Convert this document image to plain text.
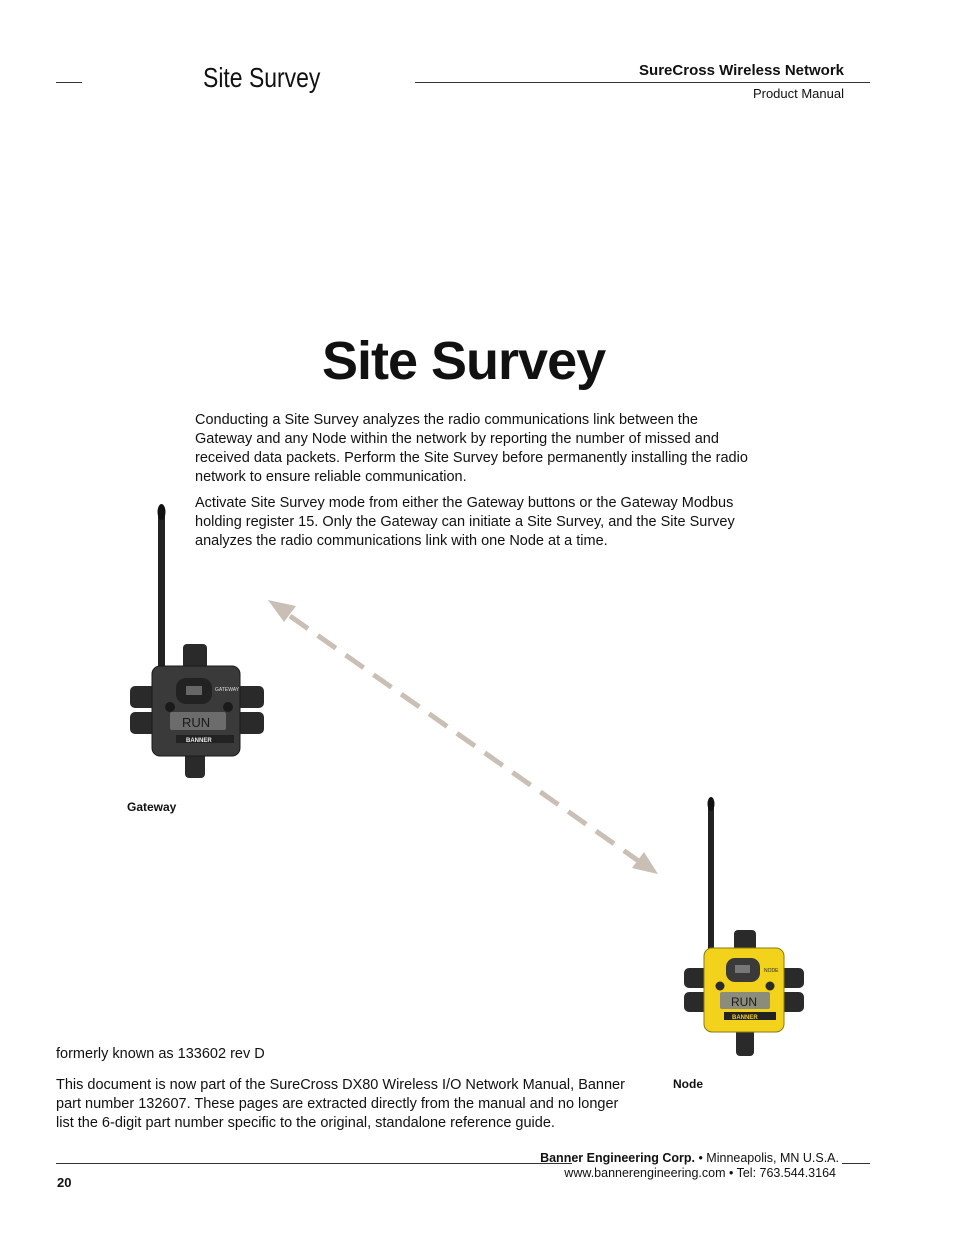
Site Survey	SureCross Wireless Network
Product Manual
Site Survey

Conducting a Site Survey analyzes the radio communications link between the Gateway and any Node within the network by reporting the number of missed and received data packets. Perform the Site Survey before permanently installing the radio network to ensure reliable communication.

Activate Site Survey mode from either the Gateway buttons or the Gateway Modbus holding register 15. Only the Gateway can initiate a Site Survey, and the Site Survey analyzes the radio communications link with one Node at a time.

RUN
GATEWAY
BANNER
RUN
NODE
BANNER
Gateway
Node

formerly known as 133602 rev D

This document is now part of the SureCross DX80 Wireless I/O Network Manual, Banner part number 132607. These pages are extracted directly from the manual and no longer list the 6-digit part number specific to the original, standalone reference guide.

Banner Engineering Corp. • Minneapolis, MN U.S.A.
www.bannerengineering.com • Tel: 763.544.3164
20
